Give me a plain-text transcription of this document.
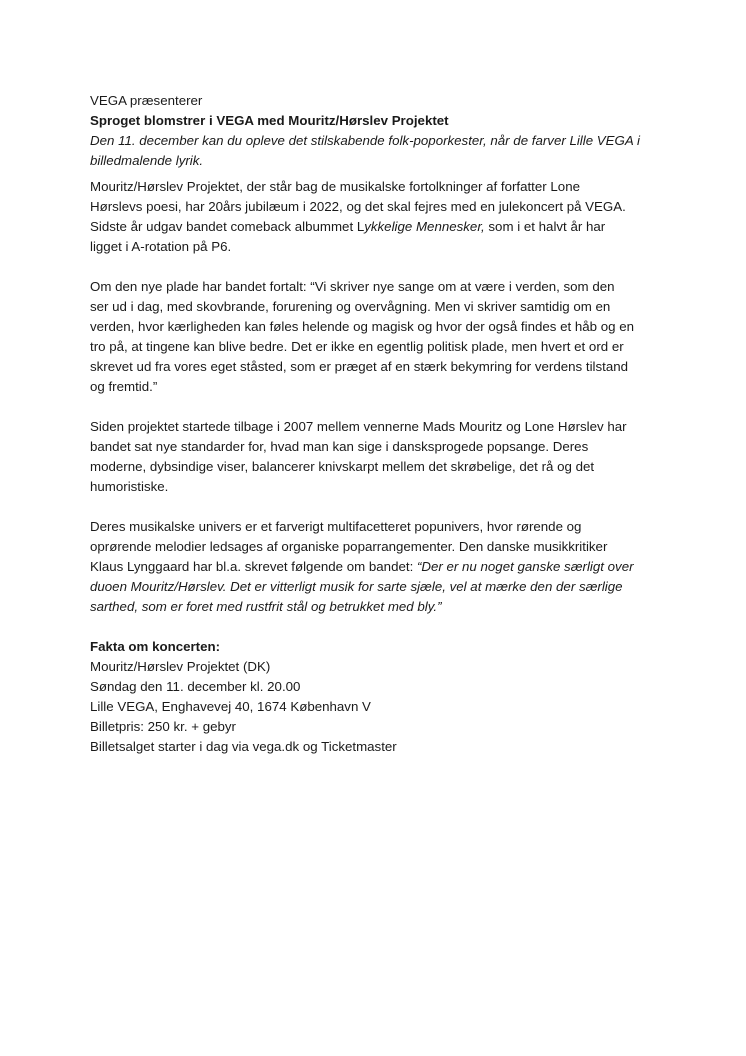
VEGA præsenterer
Sproget blomstrer i VEGA med Mouritz/Hørslev Projektet
Den 11. december kan du opleve det stilskabende folk-poporkester, når de farver Lille VEGA i
billedmalende lyrik.
Mouritz/Hørslev Projektet, der står bag de musikalske fortolkninger af forfatter Lone
Hørslevs poesi, har 20års jubilæum i 2022, og det skal fejres med en julekoncert på VEGA.
Sidste år udgav bandet comeback albummet Lykkelige Mennesker, som i et halvt år har
ligget i A-rotation på P6.
Om den nye plade har bandet fortalt: “Vi skriver nye sange om at være i verden, som den
ser ud i dag, med skovbrande, forurening og overvågning. Men vi skriver samtidig om en
verden, hvor kærligheden kan føles helende og magisk og hvor der også findes et håb og en
tro på, at tingene kan blive bedre. Det er ikke en egentlig politisk plade, men hvert et ord er
skrevet ud fra vores eget ståsted, som er præget af en stærk bekymring for verdens tilstand
og fremtid.”
Siden projektet startede tilbage i 2007 mellem vennerne Mads Mouritz og Lone Hørslev har
bandet sat nye standarder for, hvad man kan sige i dansksprogede popsange. Deres
moderne, dybsindige viser, balancerer knivskarpt mellem det skrøbelige, det rå og det
humoristiske.
Deres musikalske univers er et farverigt multifacetteret popunivers, hvor rørende og
oprørende melodier ledsages af organiske poparrangementer. Den danske musikkritiker
Klaus Lynggaard har bl.a. skrevet følgende om bandet: “Der er nu noget ganske særligt over
duoen Mouritz/Hørslev. Det er vitterligt musik for sarte sjæle, vel at mærke den der særlige
sarthed, som er foret med rustfrit stål og betrukket med bly.”
Fakta om koncerten:
Mouritz/Hørslev Projektet (DK)
Søndag den 11. december kl. 20.00
Lille VEGA, Enghavevej 40, 1674 København V
Billetpris: 250 kr. + gebyr
Billetsalget starter i dag via vega.dk og Ticketmaster
